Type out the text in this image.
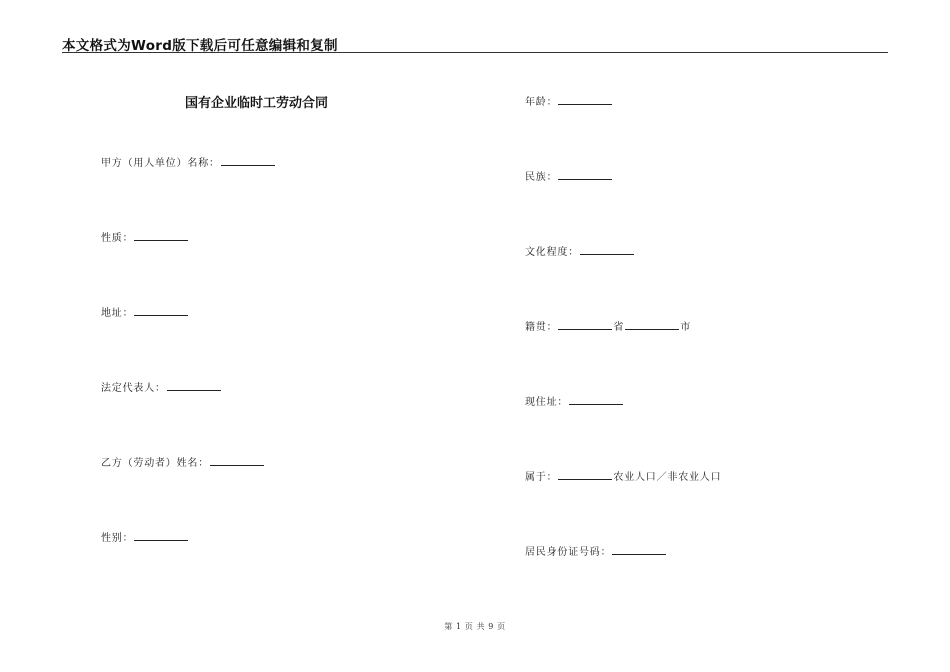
本文格式为Word版下载后可任意编辑和复制
国有企业临时工劳动合同
甲方（用人单位）名称：
性质：
地址：
法定代表人：
乙方（劳动者）姓名：
性别：
年龄：
民族：
文化程度：
籍贯：	省	市
现住址：
属于：	农业人口／非农业人口
居民身份证号码：
第 1 页 共 9 页
